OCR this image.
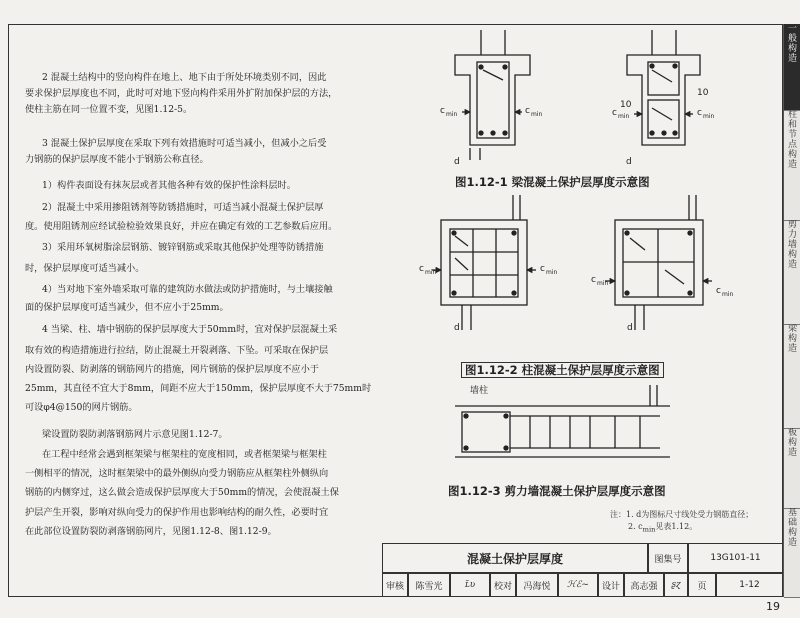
一般构造
柱和节点构造
剪力墙构造
梁构造
板构造
基础构造

2 混凝土结构中的竖向构件在地上、地下由于所处环境类别不同，因此

要求保护层厚度也不同，此时可对地下竖向构件采用外扩附加保护层的方法，

使柱主筋在同一位置不变，见图1.12-5。

3 混凝土保护层厚度在采取下列有效措施时可适当减小，但减小之后受

力钢筋的保护层厚度不能小于钢筋公称直径。

1）构件表面设有抹灰层或者其他各种有效的保护性涂料层时。

2）混凝土中采用掺阻锈剂等防锈措施时，可适当减小混凝土保护层厚

度。使用阻锈剂应经试验检验效果良好，并应在确定有效的工艺参数后应用。

3）采用环氧树脂涂层钢筋、镀锌钢筋或采取其他保护处理等防锈措施

时，保护层厚度可适当减小。

4）当对地下室外墙采取可靠的建筑防水做法或防护措施时，与土壤接触

面的保护层厚度可适当减少，但不应小于25mm。

4 当梁、柱、墙中钢筋的保护层厚度大于50mm时，宜对保护层混凝土采

取有效的构造措施进行拉结，防止混凝土开裂剥落、下坠。可采取在保护层

内设置防裂、防剥落的钢筋网片的措施，网片钢筋的保护层厚度不应小于

25mm，其直径不宜大于8mm，间距不应大于150mm，保护层厚度不大于75mm时

可设φ4@150的网片钢筋。

梁设置防裂防剥落钢筋网片示意见图1.12-7。

在工程中经常会遇到框架梁与框架柱的宽度相同，或者框架梁与框架柱

一侧相平的情况，这时框架梁中的最外侧纵向受力钢筋应从框架柱外侧纵向

钢筋的内侧穿过，这么做会造成保护层厚度大于50mm的情况，会使混凝土保

护层产生开裂，影响对纵向受力的保护作用也影响结构的耐久性，必要时宜

在此部位设置防裂防剥落钢筋网片，见图1.12-8、图1.12-9。

c min	c min	c min	c min
10
10
d	d
c min	c min
c min
c min
d	d
墙柱
图1.12-1 梁混凝土保护层厚度示意图
图1.12-2 柱混凝土保护层厚度示意图
图1.12-3 剪力墙混凝土保护层厚度示意图
注：1. d为图标尺寸线处受力钢筋直径；
2. $c_{min}$见表1.12。
混凝土保护层厚度	图集号	13G101-11
审核	陈雪光	ʟ̃ʋ	校对	冯海悦	ℋℰ~	设计	高志强	ʂɀ	页	1-12
19
